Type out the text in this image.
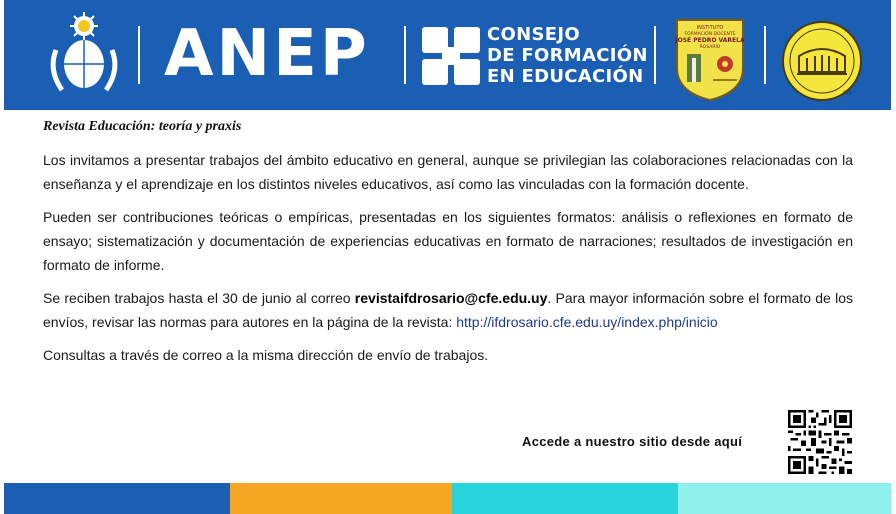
ANEP	CONSEJO
DE FORMACIÓN
EN EDUCACIÓN
INSTITUTO
FORMACIÓN DOCENTE
JOSÉ PEDRO VARELA
ROSARIO
cfp
Revista Educación: teoría y praxis

Los invitamos a presentar trabajos del ámbito educativo en general, aunque se privilegian las colaboraciones relacionadas con la enseñanza y el aprendizaje en los distintos niveles educativos, así como las vinculadas con la formación docente.

Pueden ser contribuciones teóricas o empíricas, presentadas en los siguientes formatos: análisis o reflexiones en formato de ensayo; sistematización y documentación de experiencias educativas en formato de narraciones; resultados de investigación en formato de informe.

Se reciben trabajos hasta el 30 de junio al correo revistaifdrosario@cfe.edu.uy. Para mayor información sobre el formato de los envíos, revisar las normas para autores en la página de la revista: http://ifdrosario.cfe.edu.uy/index.php/inicio

Consultas a través de correo a la misma dirección de envío de trabajos.

Accede a nuestro sitio desde aquí
